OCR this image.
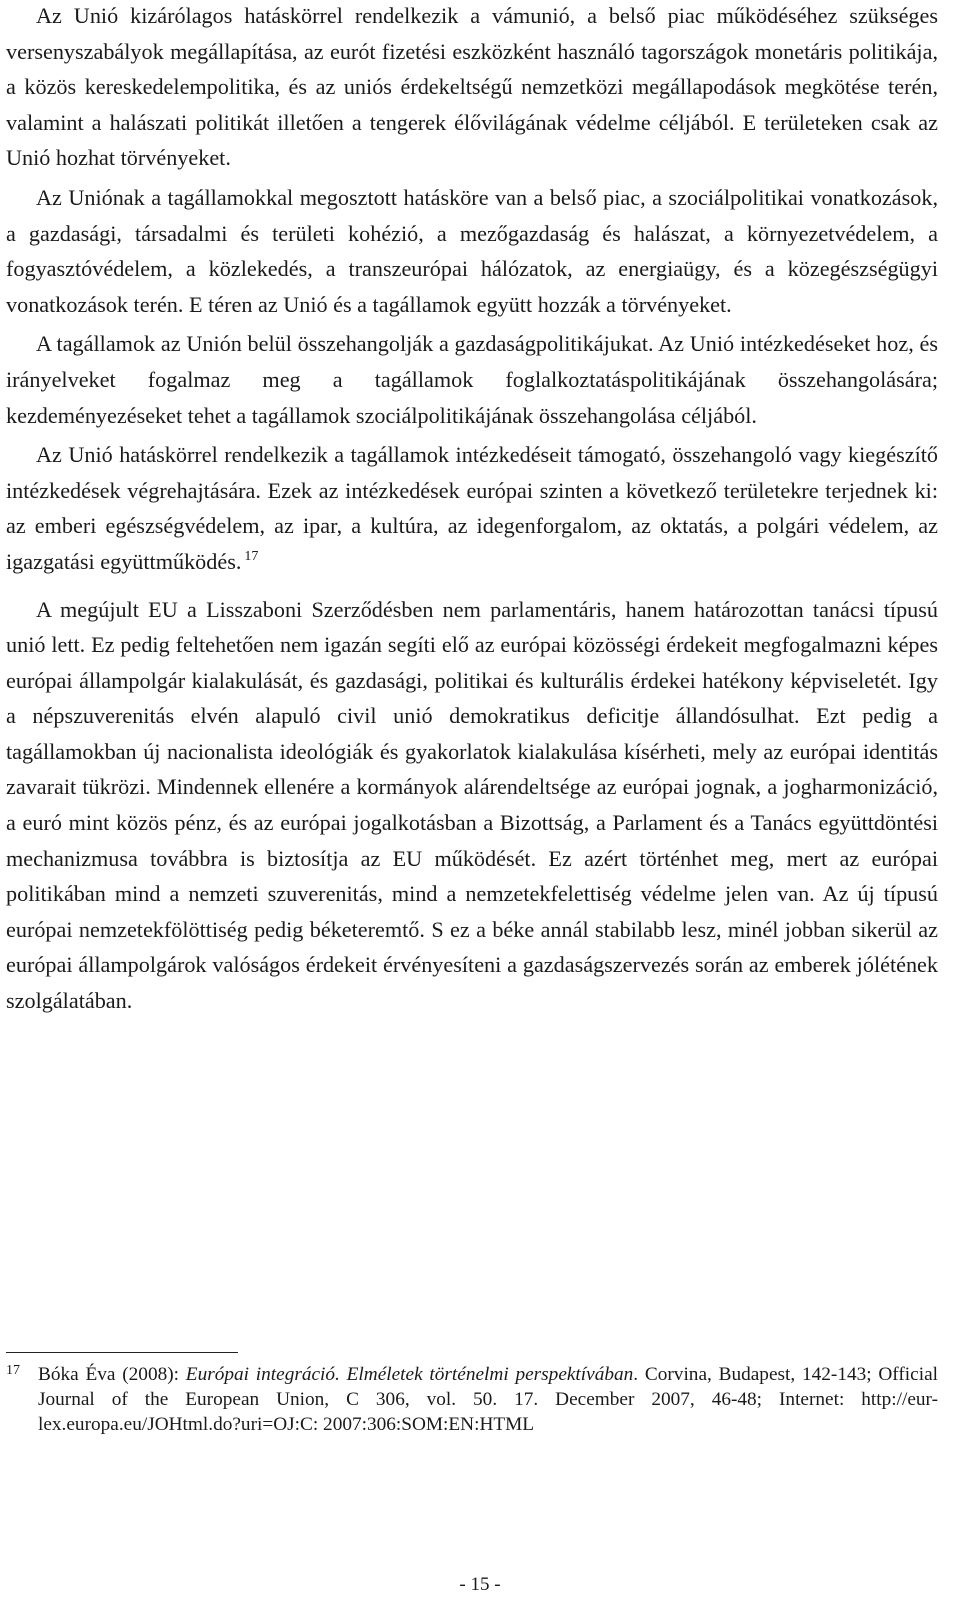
Az Unió kizárólagos hatáskörrel rendelkezik a vámunió, a belső piac működéséhez szükséges versenyszabályok megállapítása, az eurót fizetési eszközként használó tagországok monetáris politikája, a közös kereskedelempolitika, és az uniós érdekeltségű nemzetközi megállapodások megkötése terén, valamint a halászati politikát illetően a tengerek élővilágának védelme céljából. E területeken csak az Unió hozhat törvényeket.

Az Uniónak a tagállamokkal megosztott hatásköre van a belső piac, a szociálpolitikai vonatkozások, a gazdasági, társadalmi és területi kohézió, a mezőgazdaság és halászat, a környezetvédelem, a fogyasztóvédelem, a közlekedés, a transzeurópai hálózatok, az energiaügy, és a közegészségügyi vonatkozások terén. E téren az Unió és a tagállamok együtt hozzák a törvényeket.

A tagállamok az Unión belül összehangolják a gazdaságpolitikájukat. Az Unió intézkedéseket hoz, és irányelveket fogalmaz meg a tagállamok foglalkoztatáspolitikájának összehangolására; kezdeményezéseket tehet a tagállamok szociálpolitikájának összehangolása céljából.

Az Unió hatáskörrel rendelkezik a tagállamok intézkedéseit támogató, összehangoló vagy kiegészítő intézkedések végrehajtására. Ezek az intézkedések európai szinten a következő területekre terjednek ki: az emberi egészségvédelem, az ipar, a kultúra, az idegenforgalom, az oktatás, a polgári védelem, az igazgatási együttműködés. $^{17}$

A megújult EU a Lisszaboni Szerződésben nem parlamentáris, hanem határozottan tanácsi típusú unió lett. Ez pedig feltehetően nem igazán segíti elő az európai közösségi érdekeit megfogalmazni képes európai állampolgár kialakulását, és gazdasági, politikai és kulturális érdekei hatékony képviseletét. Igy a népszuverenitás elvén alapuló civil unió demokratikus deficitje állandósulhat. Ezt pedig a tagállamokban új nacionalista ideológiák és gyakorlatok kialakulása kísérheti, mely az európai identitás zavarait tükrözi. Mindennek ellenére a kormányok alárendeltsége az európai jognak, a jogharmonizáció, a euró mint közös pénz, és az európai jogalkotásban a Bizottság, a Parlament és a Tanács együttdöntési mechanizmusa továbbra is biztosítja az EU működését. Ez azért történhet meg, mert az európai politikában mind a nemzeti szuverenitás, mind a nemzetekfelettiség védelme jelen van. Az új típusú európai nemzetekfölöttiség pedig béketeremtő. S ez a béke annál stabilabb lesz, minél jobban sikerül az európai állampolgárok valóságos érdekeit érvényesíteni a gazdaságszervezés során az emberek jólétének szolgálatában.

17 Bóka Éva (2008): Európai integráció. Elméletek történelmi perspektívában. Corvina, Budapest, 142-143; Official Journal of the European Union, C 306, vol. 50. 17. December 2007, 46-48; Internet: http://eur-lex.europa.eu/JOHtml.do?uri=OJ:C: 2007:306:SOM:EN:HTML
- 15 -
